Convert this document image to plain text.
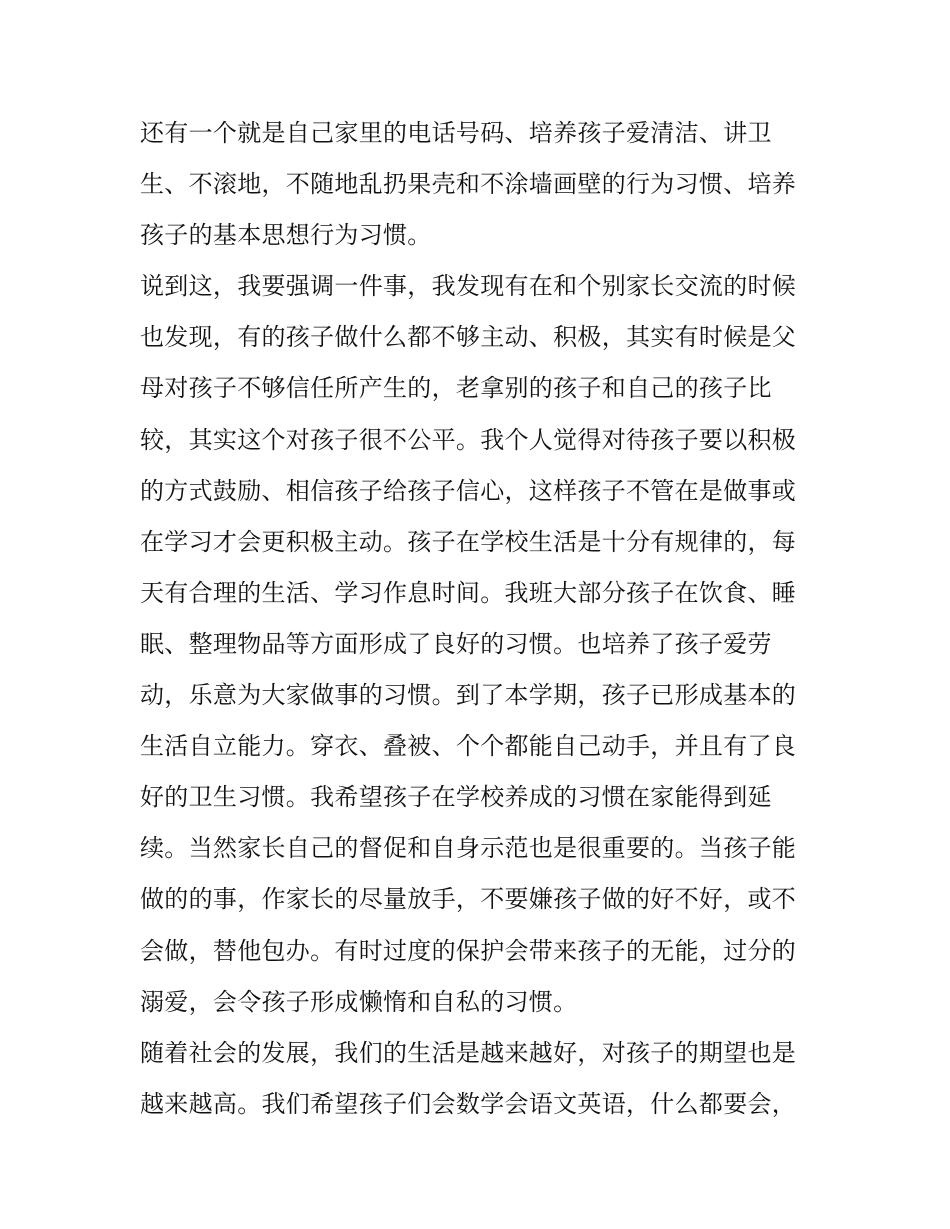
还有一个就是自己家里的电话号码、培养孩子爱清洁、讲卫
生、不滚地，不随地乱扔果壳和不涂墙画壁的行为习惯、培养
孩子的基本思想行为习惯。
说到这，我要强调一件事，我发现有在和个别家长交流的时候
也发现，有的孩子做什么都不够主动、积极，其实有时候是父
母对孩子不够信任所产生的，老拿别的孩子和自己的孩子比
较，其实这个对孩子很不公平。我个人觉得对待孩子要以积极
的方式鼓励、相信孩子给孩子信心，这样孩子不管在是做事或
在学习才会更积极主动。孩子在学校生活是十分有规律的，每
天有合理的生活、学习作息时间。我班大部分孩子在饮食、睡
眠、整理物品等方面形成了良好的习惯。也培养了孩子爱劳
动，乐意为大家做事的习惯。到了本学期，孩子已形成基本的
生活自立能力。穿衣、叠被、个个都能自己动手，并且有了良
好的卫生习惯。我希望孩子在学校养成的习惯在家能得到延
续。当然家长自己的督促和自身示范也是很重要的。当孩子能
做的的事，作家长的尽量放手，不要嫌孩子做的好不好，或不
会做，替他包办。有时过度的保护会带来孩子的无能，过分的
溺爱，会令孩子形成懒惰和自私的习惯。
随着社会的发展，我们的生活是越来越好，对孩子的期望也是
越来越高。我们希望孩子们会数学会语文英语，什么都要会，
